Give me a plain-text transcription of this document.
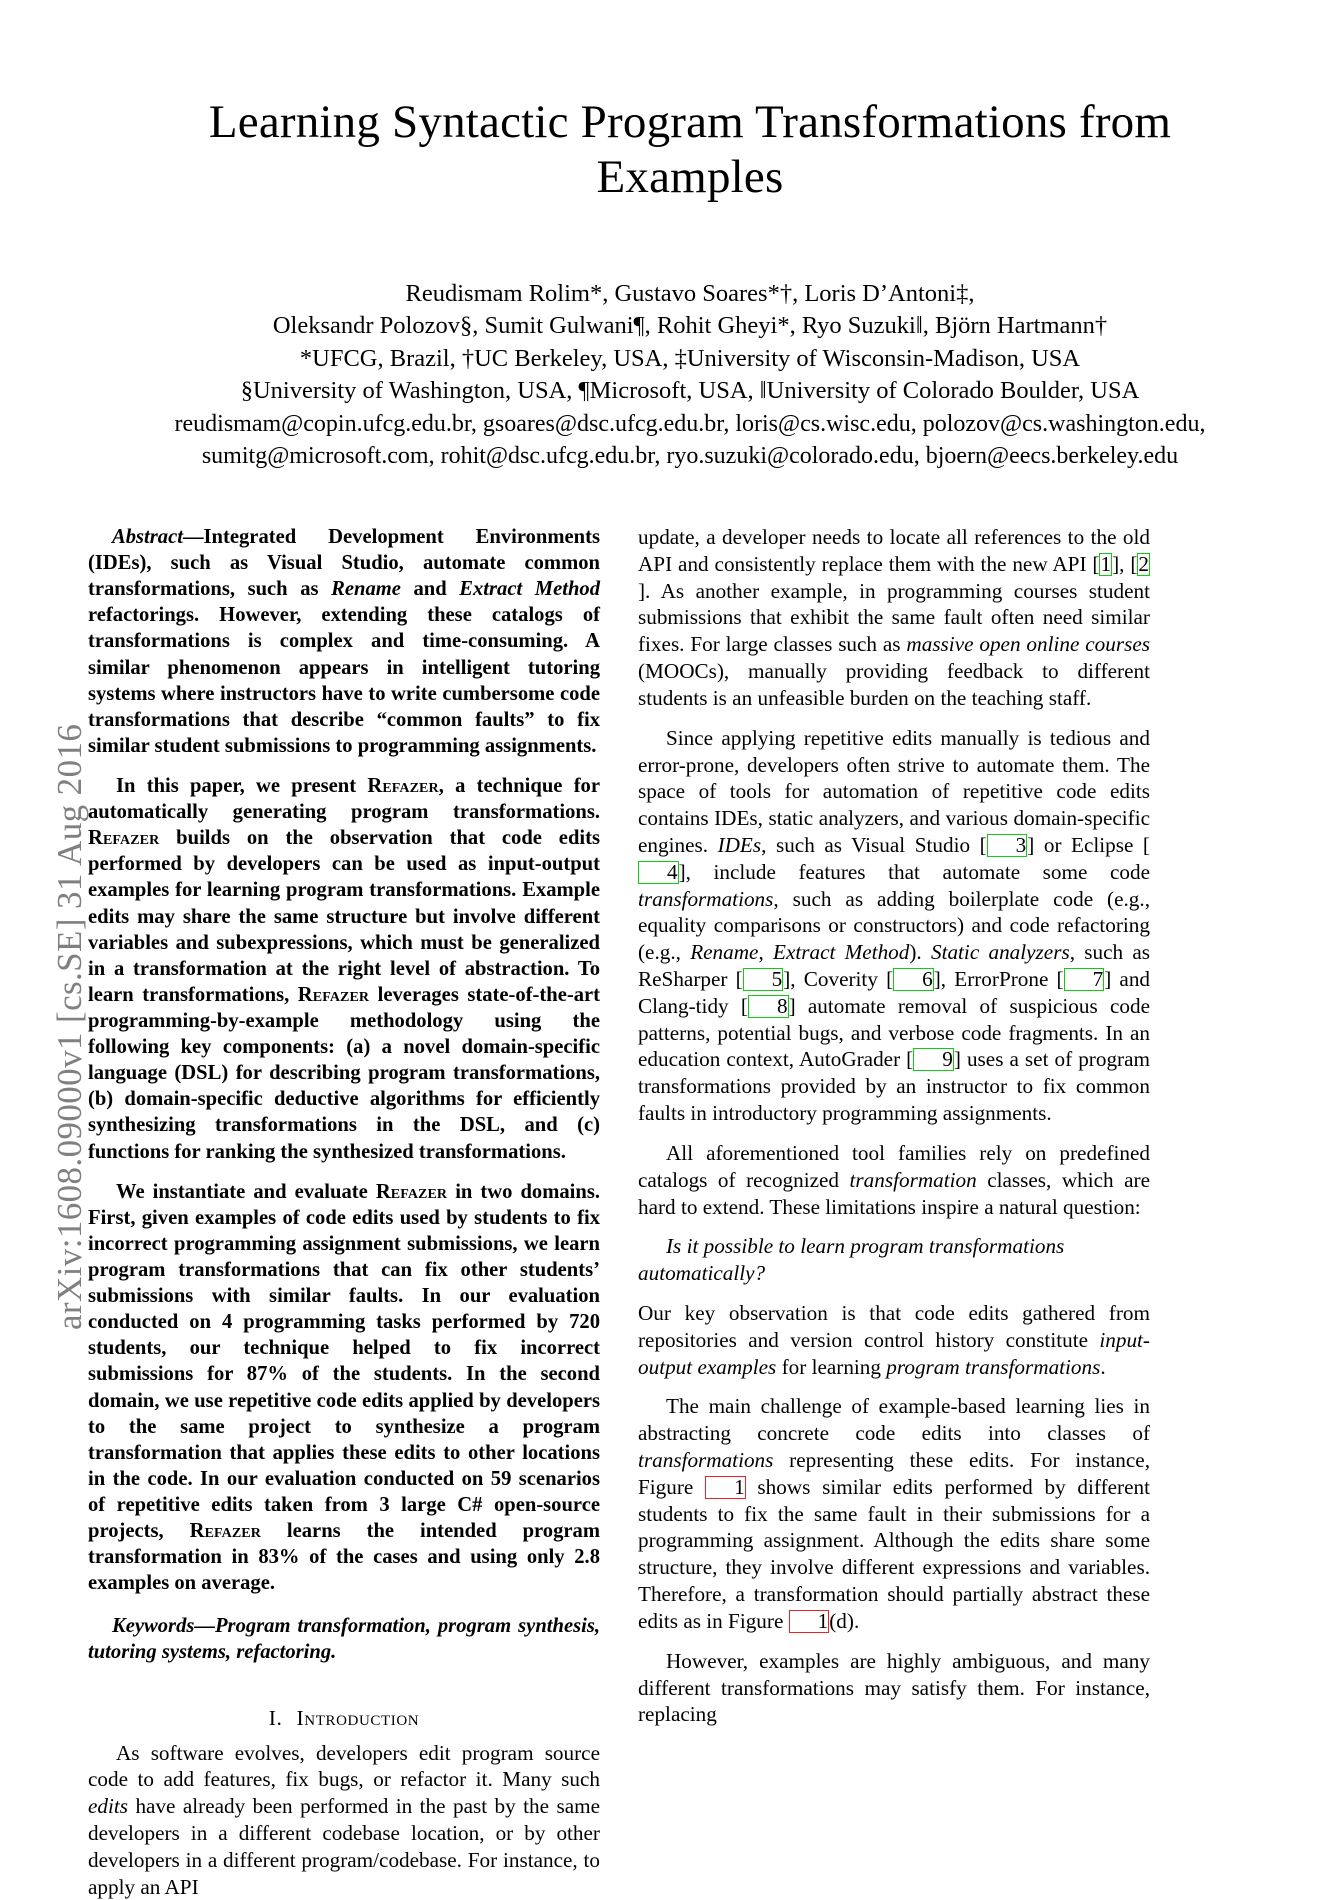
arXiv:1608.09000v1 [cs.SE] 31 Aug 2016
Learning Syntactic Program Transformations from Examples
Reudismam Rolim*, Gustavo Soares*†, Loris D’Antoni‡,
Oleksandr Polozov§, Sumit Gulwani¶, Rohit Gheyi*, Ryo Suzuki‖, Björn Hartmann†
*UFCG, Brazil, †UC Berkeley, USA, ‡University of Wisconsin-Madison, USA
§University of Washington, USA, ¶Microsoft, USA, ‖University of Colorado Boulder, USA
reudismam@copin.ufcg.edu.br, gsoares@dsc.ufcg.edu.br, loris@cs.wisc.edu, polozov@cs.washington.edu,
sumitg@microsoft.com, rohit@dsc.ufcg.edu.br, ryo.suzuki@colorado.edu, bjoern@eecs.berkeley.edu

Abstract—Integrated Development Environments (IDEs), such as Visual Studio, automate common transformations, such as Rename and Extract Method refactorings. However, extending these catalogs of transformations is complex and time-consuming. A similar phenomenon appears in intelligent tutoring systems where instructors have to write cumbersome code transformations that describe “common faults” to fix similar student submissions to programming assignments.

In this paper, we present Refazer, a technique for automatically generating program transformations. Refazer builds on the observation that code edits performed by developers can be used as input-output examples for learning program transformations. Example edits may share the same structure but involve different variables and subexpressions, which must be generalized in a transformation at the right level of abstraction. To learn transformations, Refazer leverages state-of-the-art programming-by-example methodology using the following key components: (a) a novel domain-specific language (DSL) for describing program transformations, (b) domain-specific deductive algorithms for efficiently synthesizing transformations in the DSL, and (c) functions for ranking the synthesized transformations.

We instantiate and evaluate Refazer in two domains. First, given examples of code edits used by students to fix incorrect programming assignment submissions, we learn program transformations that can fix other students’ submissions with similar faults. In our evaluation conducted on 4 programming tasks performed by 720 students, our technique helped to fix incorrect submissions for 87% of the students. In the second domain, we use repetitive code edits applied by developers to the same project to synthesize a program transformation that applies these edits to other locations in the code. In our evaluation conducted on 59 scenarios of repetitive edits taken from 3 large C# open-source projects, Refazer learns the intended program transformation in 83% of the cases and using only 2.8 examples on average.

Keywords—Program transformation, program synthesis, tutoring systems, refactoring.

I. Introduction

As software evolves, developers edit program source code to add features, fix bugs, or refactor it. Many such edits have already been performed in the past by the same developers in a different codebase location, or by other developers in a different program/codebase. For instance, to apply an API

update, a developer needs to locate all references to the old API and consistently replace them with the new API [1], [2]. As another example, in programming courses student submissions that exhibit the same fault often need similar fixes. For large classes such as massive open online courses (MOOCs), manually providing feedback to different students is an unfeasible burden on the teaching staff.

Since applying repetitive edits manually is tedious and error-prone, developers often strive to automate them. The space of tools for automation of repetitive code edits contains IDEs, static analyzers, and various domain-specific engines. IDEs, such as Visual Studio [ 3] or Eclipse [4], include features that automate some code transformations, such as adding boilerplate code (e.g., equality comparisons or constructors) and code refactoring (e.g., Rename, Extract Method). Static analyzers, such as ReSharper [ 5], Coverity [ 6], ErrorProne [ 7] and Clang-tidy [ 8] automate removal of suspicious code patterns, potential bugs, and verbose code fragments. In an education context, AutoGrader [ 9] uses a set of program transformations provided by an instructor to fix common faults in introductory programming assignments.

All aforementioned tool families rely on predefined catalogs of recognized transformation classes, which are hard to extend. These limitations inspire a natural question:

Is it possible to learn program transformations automatically?

Our key observation is that code edits gathered from repositories and version control history constitute input-output examples for learning program transformations.

The main challenge of example-based learning lies in abstracting concrete code edits into classes of transformations representing these edits. For instance, Figure 1 shows similar edits performed by different students to fix the same fault in their submissions for a programming assignment. Although the edits share some structure, they involve different expressions and variables. Therefore, a transformation should partially abstract these edits as in Figure 1(d).

However, examples are highly ambiguous, and many different transformations may satisfy them. For instance, replacing
